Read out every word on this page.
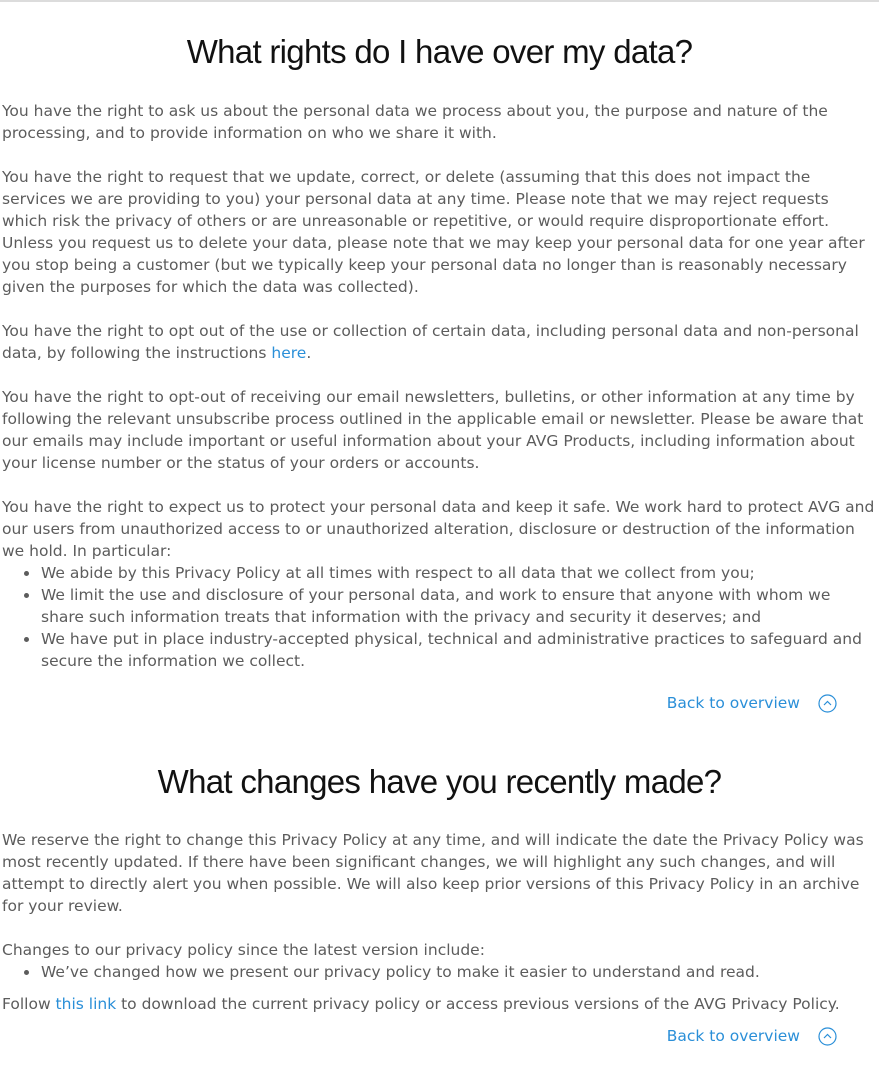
What rights do I have over my data?

You have the right to ask us about the personal data we process about you, the purpose and nature of the processing, and to provide information on who we share it with.

You have the right to request that we update, correct, or delete (assuming that this does not impact the services we are providing to you) your personal data at any time. Please note that we may reject requests which risk the privacy of others or are unreasonable or repetitive, or would require disproportionate effort. Unless you request us to delete your data, please note that we may keep your personal data for one year after you stop being a customer (but we typically keep your personal data no longer than is reasonably necessary given the purposes for which the data was collected).

You have the right to opt out of the use or collection of certain data, including personal data and non-personal data, by following the instructions here.

You have the right to opt-out of receiving our email newsletters, bulletins, or other information at any time by following the relevant unsubscribe process outlined in the applicable email or newsletter. Please be aware that our emails may include important or useful information about your AVG Products, including information about your license number or the status of your orders or accounts.

You have the right to expect us to protect your personal data and keep it safe. We work hard to protect AVG and our users from unauthorized access to or unauthorized alteration, disclosure or destruction of the information we hold. In particular:

We abide by this Privacy Policy at all times with respect to all data that we collect from you;
We limit the use and disclosure of your personal data, and work to ensure that anyone with whom we share such information treats that information with the privacy and security it deserves; and
We have put in place industry-accepted physical, technical and administrative practices to safeguard and secure the information we collect.
Back to overview
What changes have you recently made?

We reserve the right to change this Privacy Policy at any time, and will indicate the date the Privacy Policy was most recently updated. If there have been significant changes, we will highlight any such changes, and will attempt to directly alert you when possible. We will also keep prior versions of this Privacy Policy in an archive for your review.

Changes to our privacy policy since the latest version include:

We’ve changed how we present our privacy policy to make it easier to understand and read.

Follow this link to download the current privacy policy or access previous versions of the AVG Privacy Policy.

Back to overview
